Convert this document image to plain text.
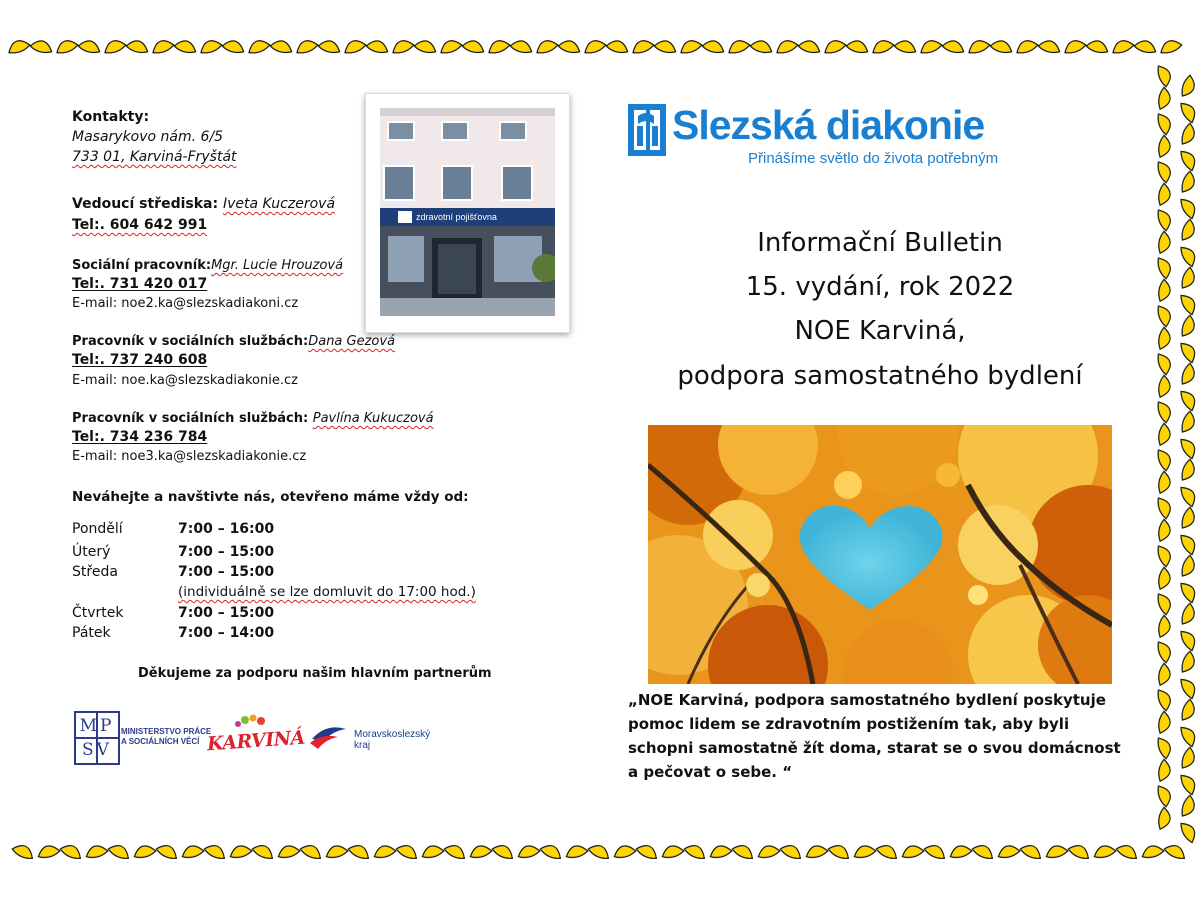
Kontakty:
Masarykovo nám. 6/5
733 01, Karviná-Fryštát
Vedoucí střediska: Iveta Kuczerová
Tel:. 604 642 991
Sociální pracovník:Mgr. Lucie Hrouzová
Tel:. 731 420 017
E-mail: noe2.ka@slezskadiakoni.cz
Pracovník v sociálních službách:Dana Gezová
Tel:. 737 240 608
E-mail: noe.ka@slezskadiakonie.cz
Pracovník v sociálních službách: Pavlína Kukuczová
Tel:. 734 236 784
E-mail: noe3.ka@slezskadiakonie.cz
Neváhejte a navštivte nás, otevřeno máme vždy od:
Pondělí	7:00 – 16:00
Úterý	7:00 – 15:00
Středa	7:00 – 15:00
(individuálně se lze domluvit do 17:00 hod.)
Čtvrtek	7:00 – 15:00
Pátek	7:00 – 14:00
Děkujeme za podporu našim hlavním partnerům
MP
SV
MINISTERSTVO PRÁCE
A SOCIÁLNÍCH VĚCÍ KARVINÁ	Moravskoslezský
kraj
zdravotní pojišťovna
Slezská diakonie
Přinášíme světlo do života potřebným
Informační Bulletin
15. vydání, rok 2022
NOE Karviná,
podpora samostatného bydlení
„NOE Karviná, podpora samostatného bydlení poskytuje pomoc lidem se zdravotním postižením tak, aby byli schopni samostatně žít doma, starat se o svou domácnost a pečovat o sebe. “
